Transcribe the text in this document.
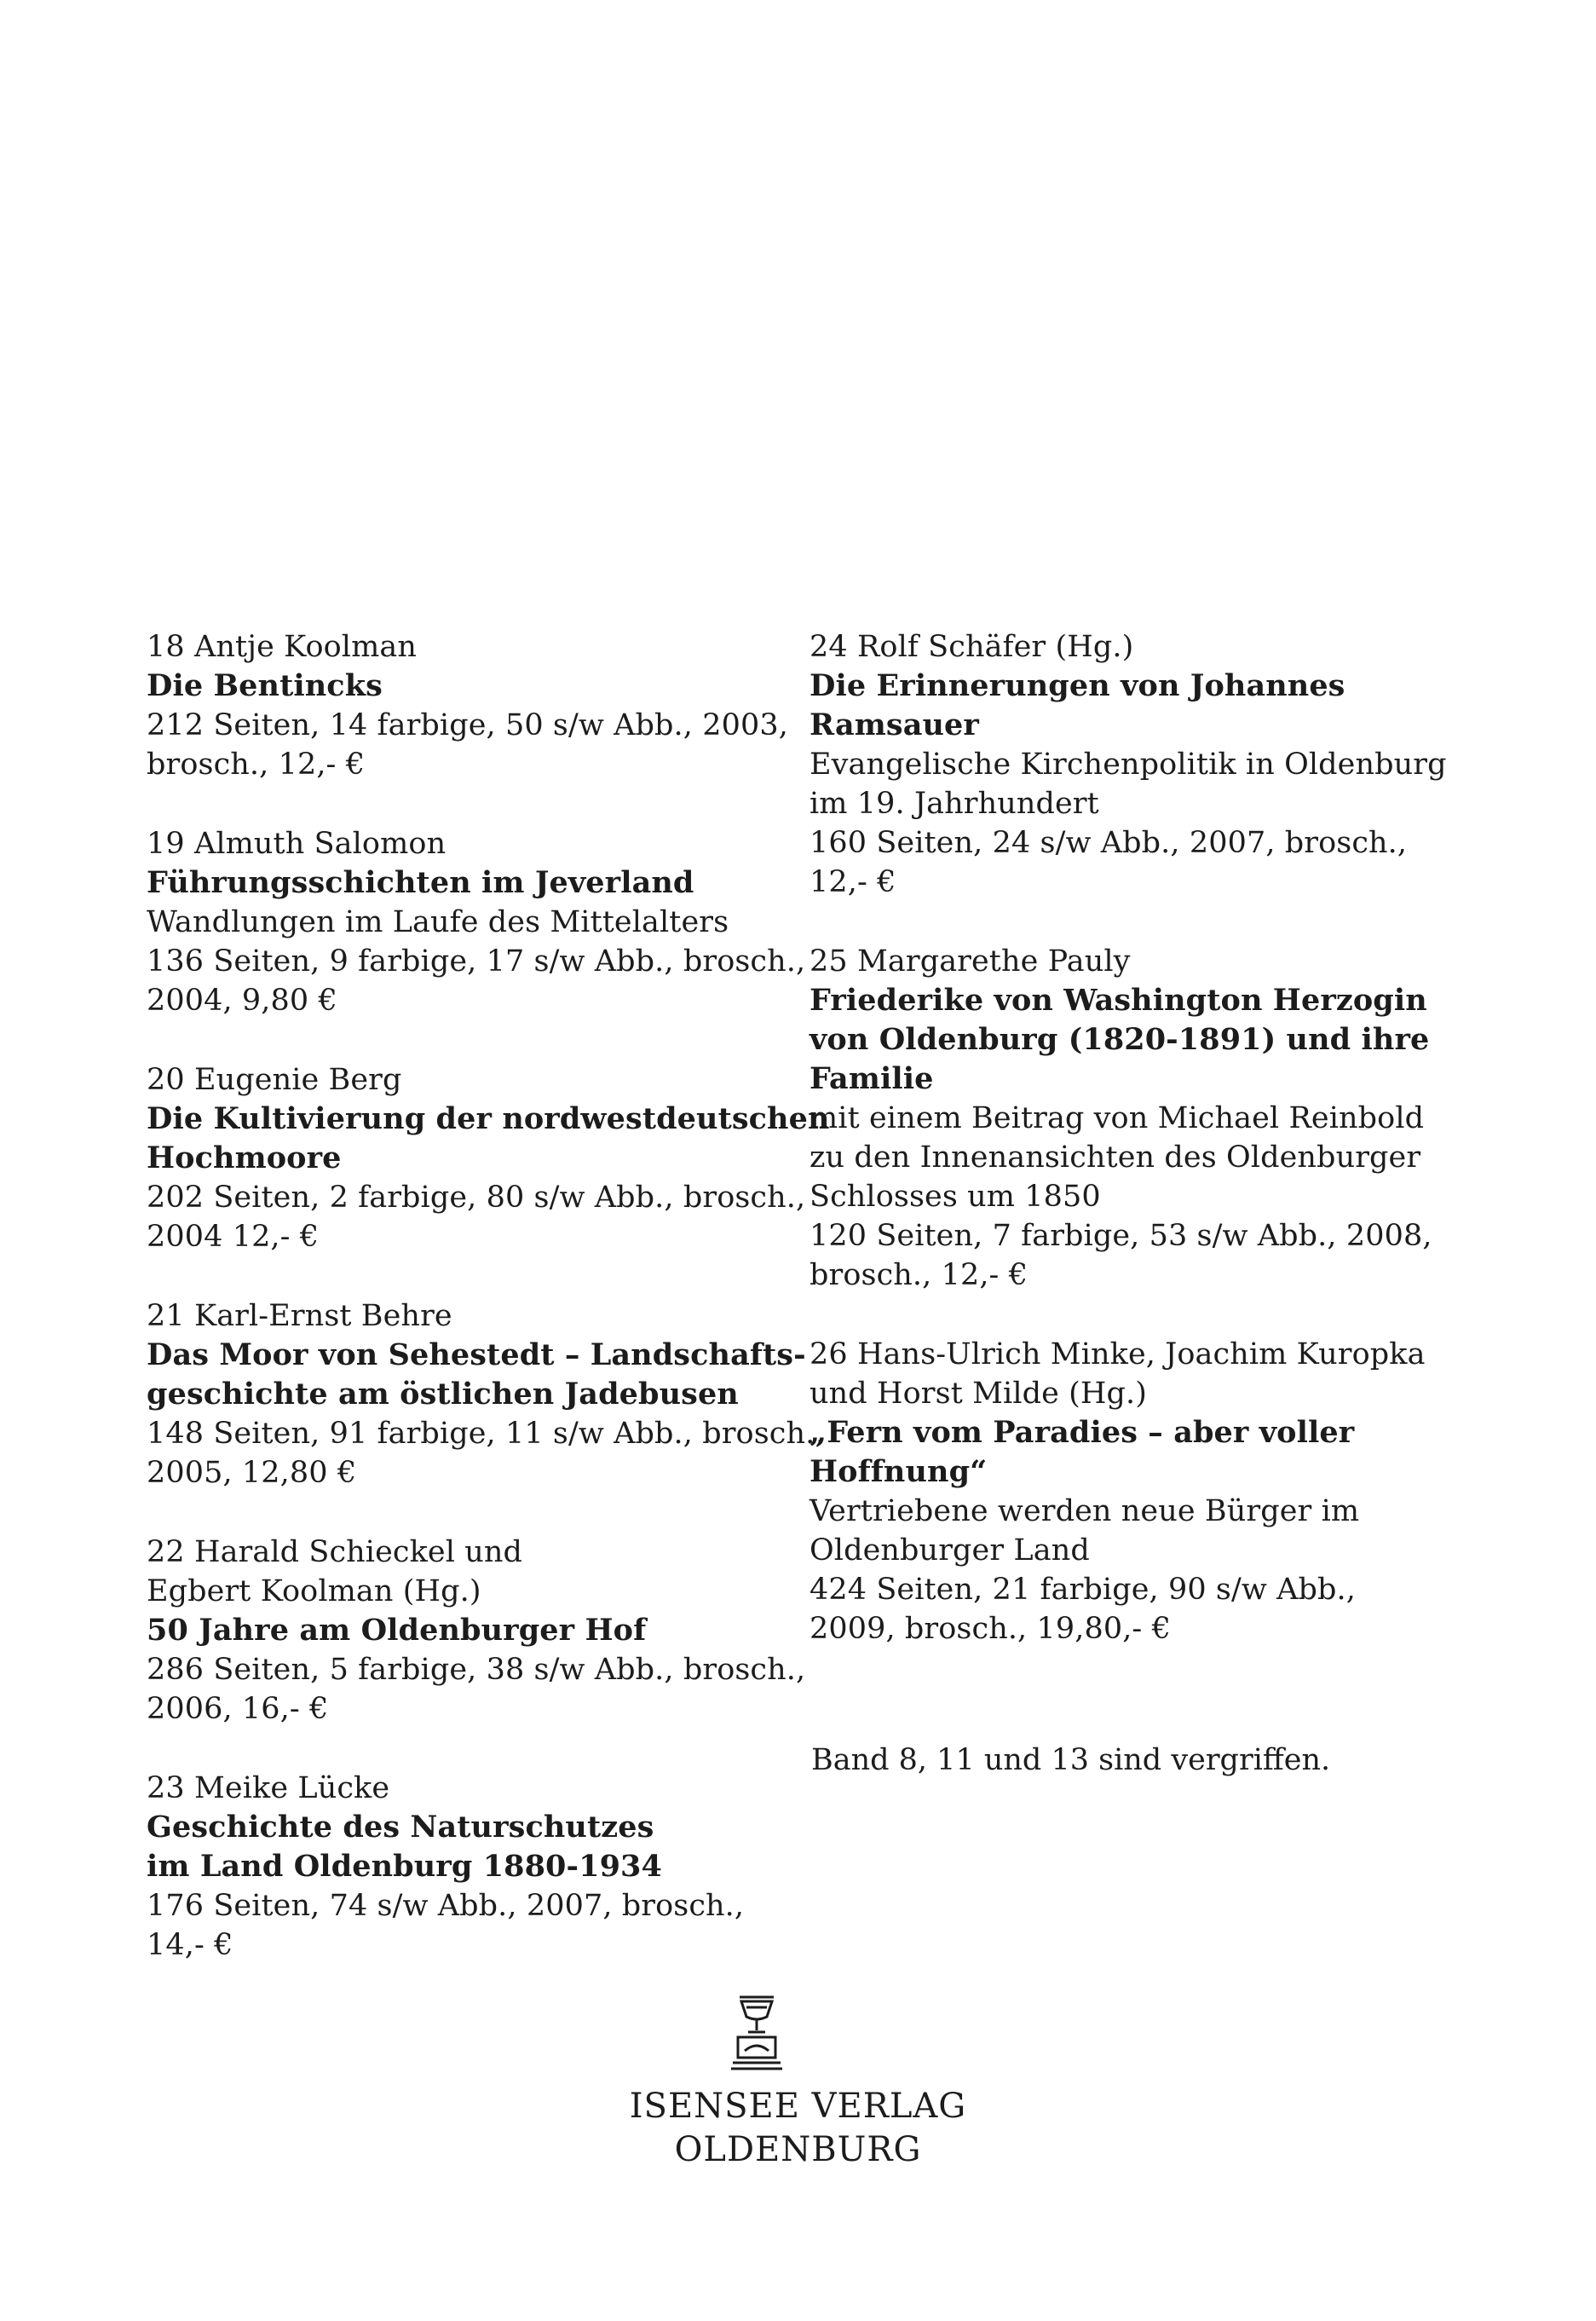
18 Antje Koolman
Die Bentincks
212 Seiten, 14 farbige, 50 s/w Abb., 2003,
brosch., 12,- €
19 Almuth Salomon
Führungsschichten im Jeverland
Wandlungen im Laufe des Mittelalters
136 Seiten, 9 farbige, 17 s/w Abb., brosch.,
2004, 9,80 €
20 Eugenie Berg
Die Kultivierung der nordwestdeutschen
Hochmoore
202 Seiten, 2 farbige, 80 s/w Abb., brosch.,
2004 12,- €
21 Karl-Ernst Behre
Das Moor von Sehestedt – Landschafts-
geschichte am östlichen Jadebusen
148 Seiten, 91 farbige, 11 s/w Abb., brosch.,
2005, 12,80 €
22 Harald Schieckel und
Egbert Koolman (Hg.)
50 Jahre am Oldenburger Hof
286 Seiten, 5 farbige, 38 s/w Abb., brosch.,
2006, 16,- €
23 Meike Lücke
Geschichte des Naturschutzes
im Land Oldenburg 1880-1934
176 Seiten, 74 s/w Abb., 2007, brosch.,
14,- €
24 Rolf Schäfer (Hg.)
Die Erinnerungen von Johannes
Ramsauer
Evangelische Kirchenpolitik in Oldenburg
im 19. Jahrhundert
160 Seiten, 24 s/w Abb., 2007, brosch.,
12,- €
25 Margarethe Pauly
Friederike von Washington Herzogin
von Oldenburg (1820-1891) und ihre
Familie
mit einem Beitrag von Michael Reinbold
zu den Innenansichten des Oldenburger
Schlosses um 1850
120 Seiten, 7 farbige, 53 s/w Abb., 2008,
brosch., 12,- €
26 Hans-Ulrich Minke, Joachim Kuropka
und Horst Milde (Hg.)
„Fern vom Paradies – aber voller
Hoffnung“
Vertriebene werden neue Bürger im
Oldenburger Land
424 Seiten, 21 farbige, 90 s/w Abb.,
2009, brosch., 19,80,- €
Band 8, 11 und 13 sind vergriffen.
ISENSEE VERLAG
OLDENBURG
